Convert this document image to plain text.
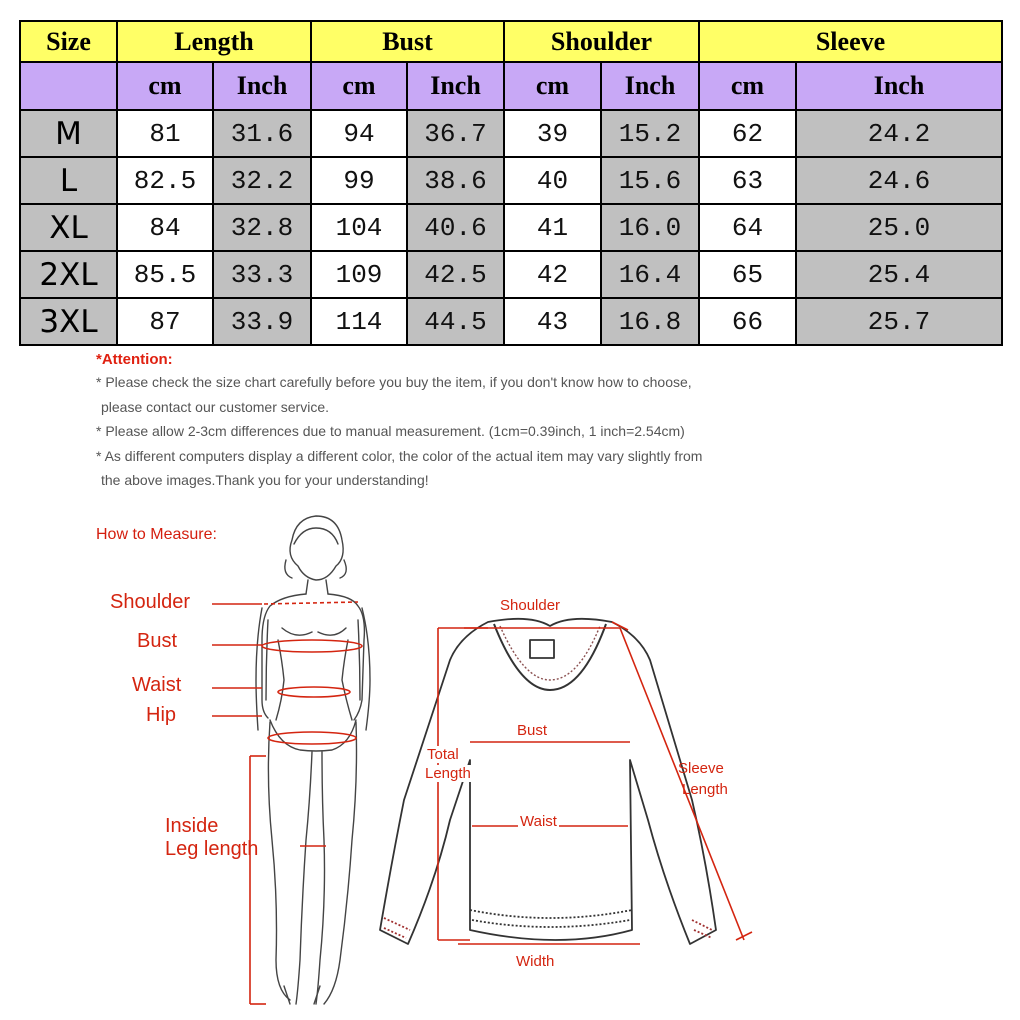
Size	Length		Bust		Shoulder		Sleeve	
	cm	Inch	cm	Inch	cm	Inch	cm	Inch
M	81	31.6	94	36.7	39	15.2	62	24.2
L	82.5	32.2	99	38.6	40	15.6	63	24.6
XL	84	32.8	104	40.6	41	16.0	64	25.0
2XL	85.5	33.3	109	42.5	42	16.4	65	25.4
3XL	87	33.9	114	44.5	43	16.8	66	25.7
*Attention:
* Please check the size chart carefully before you buy the item, if you don't know how to choose,
please contact our customer service.
* Please allow 2-3cm differences due to manual measurement. (1cm=0.39inch, 1 inch=2.54cm)
* As different computers display a different color, the color of the actual item may vary slightly from
the above images.Thank you for your understanding!
How to Measure:
Shoulder
Bust
Waist
Hip
Inside
Leg length
Shoulder
Bust
Total
Length	Sleeve
Length
Waist
Width
